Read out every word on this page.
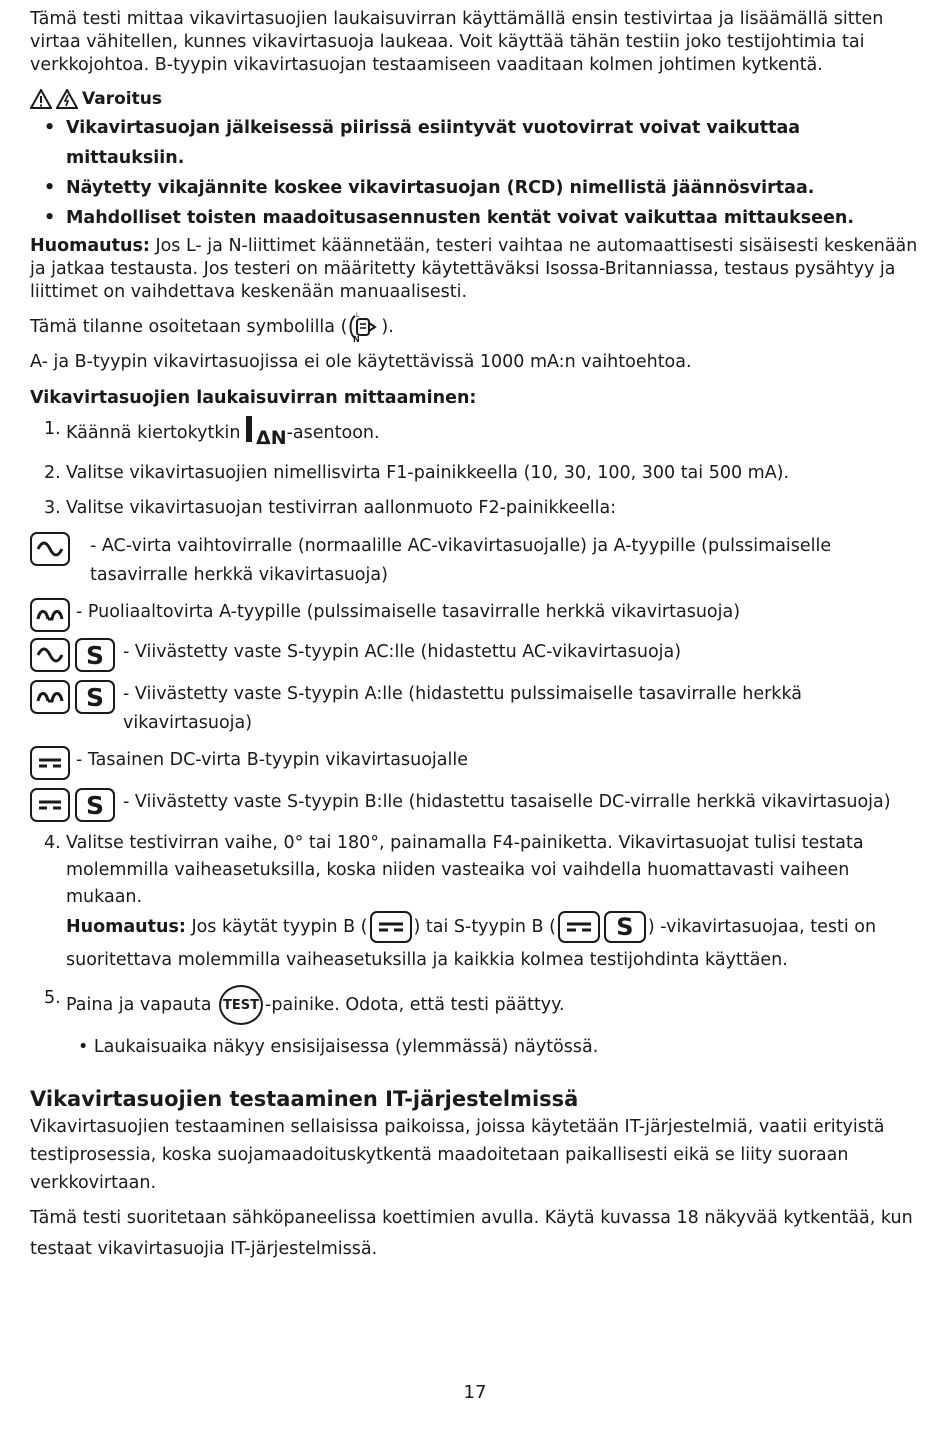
Tämä testi mittaa vikavirtasuojien laukaisuvirran käyttämällä ensin testivirtaa ja lisäämällä sitten virtaa vähitellen, kunnes vikavirtasuoja laukeaa. Voit käyttää tähän testiin joko testijohtimia tai verkkojohtoa. B-tyypin vikavirtasuojan testaamiseen vaaditaan kolmen johtimen kytkentä.

Varoitus
• Vikavirtasuojan jälkeisessä piirissä esiintyvät vuotovirrat voivat vaikuttaa mittauksiin.
• Näytetty vikajännite koskee vikavirtasuojan (RCD) nimellistä jäännösvirtaa.
• Mahdolliset toisten maadoitusasennusten kentät voivat vaikuttaa mittaukseen.

Huomautus: Jos L- ja N-liittimet käännetään, testeri vaihtaa ne automaattisesti sisäisesti keskenään ja jatkaa testausta. Jos testeri on määritetty käytettäväksi Isossa-Britanniassa, testaus pysähtyy ja liittimet on vaihdettava keskenään manuaalisesti.

Tämä tilanne osoitetaan symbolilla (
N
L
).

A- ja B-tyypin vikavirtasuojissa ei ole käytettävissä 1000 mA:n vaihtoehtoa.

Vikavirtasuojien laukaisuvirran mittaaminen:

1. Käännä kiertokytkin ΔN-asentoon.
2. Valitse vikavirtasuojien nimellisvirta F1-painikkeella (10, 30, 100, 300 tai 500 mA).
3. Valitse vikavirtasuojan testivirran aallonmuoto F2-painikkeella:
- AC-virta vaihtovirralle (normaalille AC-vikavirtasuojalle) ja A-tyypille (pulssimaiselle tasavirralle herkkä vikavirtasuoja)
- Puoliaaltovirta A-tyypille (pulssimaiselle tasavirralle herkkä vikavirtasuoja)
S	- Viivästetty vaste S-tyypin AC:lle (hidastettu AC-vikavirtasuoja)
S	- Viivästetty vaste S-tyypin A:lle (hidastettu pulssimaiselle tasavirralle herkkä vikavirtasuoja)
- Tasainen DC-virta B-tyypin vikavirtasuojalle
S	- Viivästetty vaste S-tyypin B:lle (hidastettu tasaiselle DC-virralle herkkä vikavirtasuoja)
4. Valitse testivirran vaihe, 0° tai 180°, painamalla F4-painiketta. Vikavirtasuojat tulisi testata molemmilla vaiheasetuksilla, koska niiden vasteaika voi vaihdella huomattavasti vaiheen mukaan.
Huomautus: Jos käytät tyypin B (	) tai S-tyypin B (	S ) -vikavirtasuojaa, testi on suoritettava molemmilla vaiheasetuksilla ja kaikkia kolmea testijohdinta käyttäen.
5. Paina ja vapauta TEST -painike. Odota, että testi päättyy.

• Laukaisuaika näkyy ensisijaisessa (ylemmässä) näytössä.

Vikavirtasuojien testaaminen IT-järjestelmissä

Vikavirtasuojien testaaminen sellaisissa paikoissa, joissa käytetään IT-järjestelmiä, vaatii erityistä testiprosessia, koska suojamaadoituskytkentä maadoitetaan paikallisesti eikä se liity suoraan verkkovirtaan.

Tämä testi suoritetaan sähköpaneelissa koettimien avulla. Käytä kuvassa 18 näkyvää kytkentää, kun testaat vikavirtasuojia IT-järjestelmissä.

17
